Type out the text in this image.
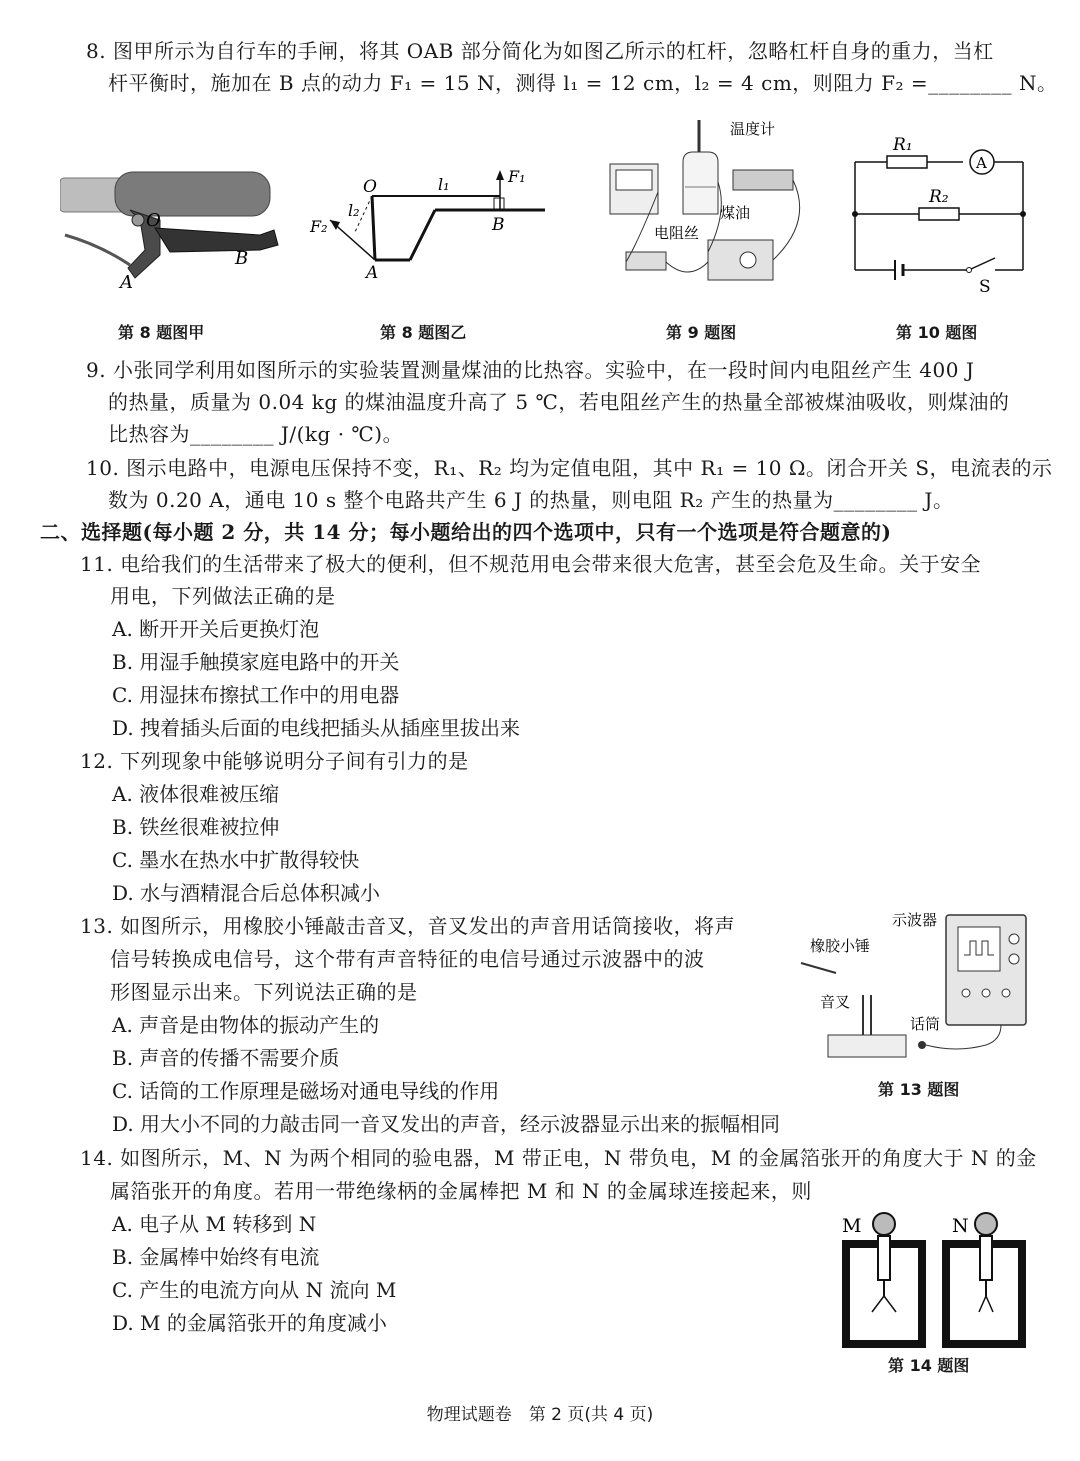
8. 图甲所示为自行车的手闸，将其 OAB 部分简化为如图乙所示的杠杆，忽略杠杆自身的重力，当杠
杆平衡时，施加在 B 点的动力 F₁ = 15 N，测得 l₁ = 12 cm，l₂ = 4 cm，则阻力 F₂ =________ N。
O
A
B
第 8 题图甲
O
A
B
l₁
l₂
F₁
F₂
第 8 题图乙
温度计
煤油
电阻丝
第 9 题图
R₁
R₂
A
S
第 10 题图
9. 小张同学利用如图所示的实验装置测量煤油的比热容。实验中，在一段时间内电阻丝产生 400 J
的热量，质量为 0.04 kg 的煤油温度升高了 5 ℃，若电阻丝产生的热量全部被煤油吸收，则煤油的
比热容为________ J/(kg · ℃)。
10. 图示电路中，电源电压保持不变，R₁、R₂ 均为定值电阻，其中 R₁ = 10 Ω。闭合开关 S，电流表的示
数为 0.20 A，通电 10 s 整个电路共产生 6 J 的热量，则电阻 R₂ 产生的热量为________ J。
二、选择题(每小题 2 分，共 14 分；每小题给出的四个选项中，只有一个选项是符合题意的)
11. 电给我们的生活带来了极大的便利，但不规范用电会带来很大危害，甚至会危及生命。关于安全
用电，下列做法正确的是
A. 断开开关后更换灯泡
B. 用湿手触摸家庭电路中的开关
C. 用湿抹布擦拭工作中的用电器
D. 拽着插头后面的电线把插头从插座里拔出来
12. 下列现象中能够说明分子间有引力的是
A. 液体很难被压缩
B. 铁丝很难被拉伸
C. 墨水在热水中扩散得较快
D. 水与酒精混合后总体积减小
13. 如图所示，用橡胶小锤敲击音叉，音叉发出的声音用话筒接收，将声
信号转换成电信号，这个带有声音特征的电信号通过示波器中的波
形图显示出来。下列说法正确的是
A. 声音是由物体的振动产生的
B. 声音的传播不需要介质
C. 话筒的工作原理是磁场对通电导线的作用
D. 用大小不同的力敲击同一音叉发出的声音，经示波器显示出来的振幅相同
示波器
橡胶小锤
音叉
话筒
第 13 题图
14. 如图所示，M、N 为两个相同的验电器，M 带正电，N 带负电，M 的金属箔张开的角度大于 N 的金
属箔张开的角度。若用一带绝缘柄的金属棒把 M 和 N 的金属球连接起来，则
A. 电子从 M 转移到 N
B. 金属棒中始终有电流
C. 产生的电流方向从 N 流向 M
D. M 的金属箔张开的角度减小
M	N
第 14 题图
物理试题卷　第 2 页(共 4 页)
